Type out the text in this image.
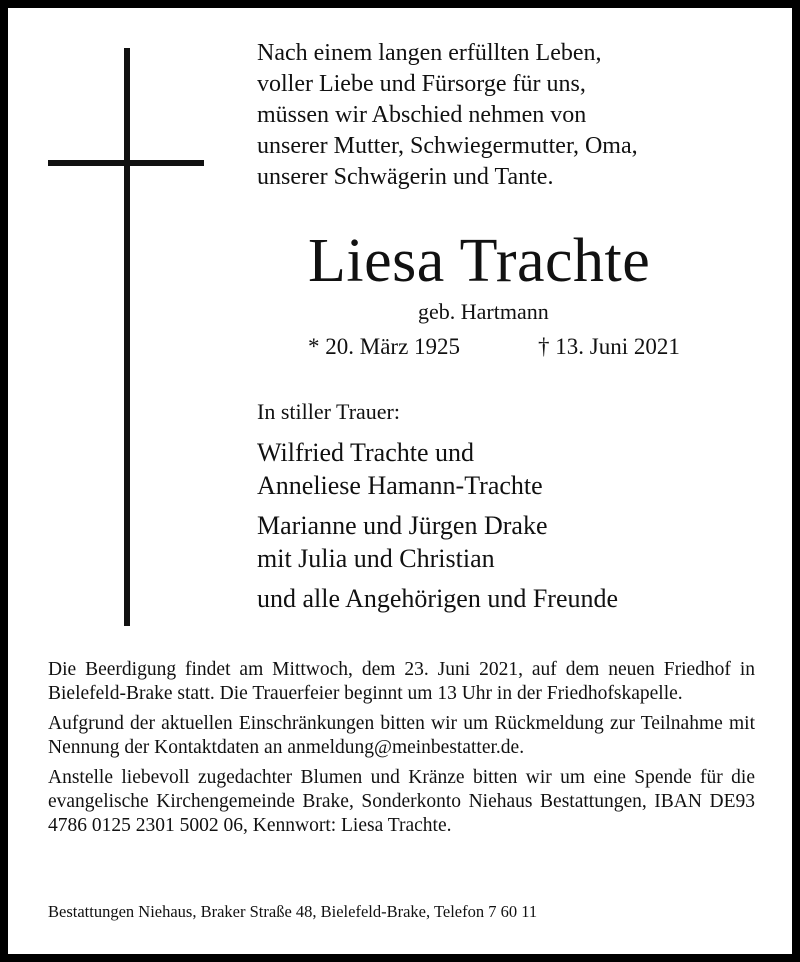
Nach einem langen erfüllten Leben,
voller Liebe und Fürsorge für uns,
müssen wir Abschied nehmen von
unserer Mutter, Schwiegermutter, Oma,
unserer Schwägerin und Tante.
Liesa Trachte
geb. Hartmann
* 20. März 1925	† 13. Juni 2021
In stiller Trauer:
Wilfried Trachte und
Anneliese Hamann-Trachte
Marianne und Jürgen Drake
mit Julia und Christian
und alle Angehörigen und Freunde

Die Beerdigung findet am Mittwoch, dem 23. Juni 2021, auf dem neuen Friedhof in Bielefeld-Brake statt. Die Trauerfeier beginnt um 13 Uhr in der Friedhofskapelle.

Aufgrund der aktuellen Einschränkungen bitten wir um Rückmeldung zur Teilnahme mit Nennung der Kontaktdaten an anmeldung@meinbestatter.de.

Anstelle liebevoll zugedachter Blumen und Kränze bitten wir um eine Spende für die evangelische Kirchengemeinde Brake, Sonderkonto Niehaus Bestattungen, IBAN DE93 4786 0125 2301 5002 06, Kennwort: Liesa Trachte.

Bestattungen Niehaus, Braker Straße 48, Bielefeld-Brake, Telefon 7 60 11
